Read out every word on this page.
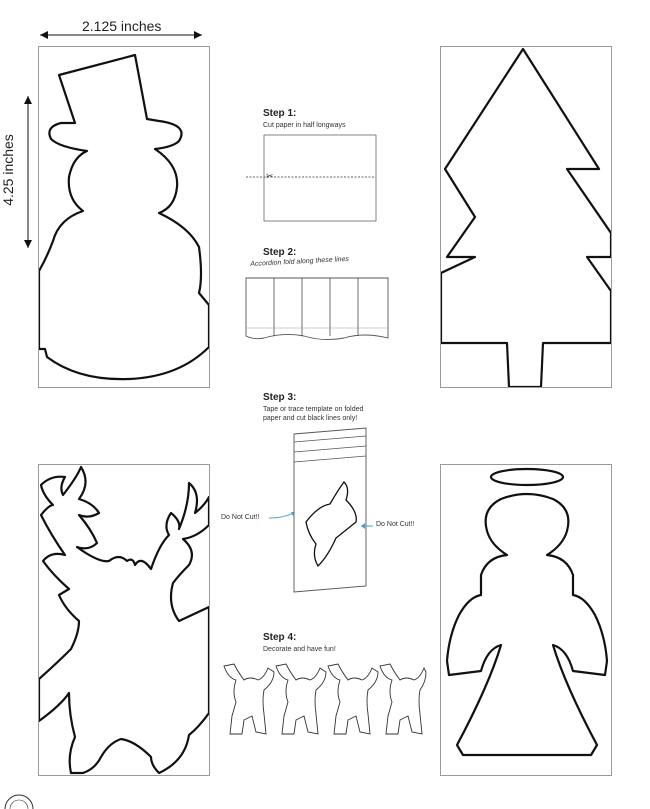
2.125 inches
4.25 inches
Step 1:
Cut paper in half longways
✂
Step 2:
Accordion fold along these lines
Step 3:
Tape or trace template on folded
paper and cut black lines only!
Do Not Cut!!
Do Not Cut!!
Step 4:
Decorate and have fun!
